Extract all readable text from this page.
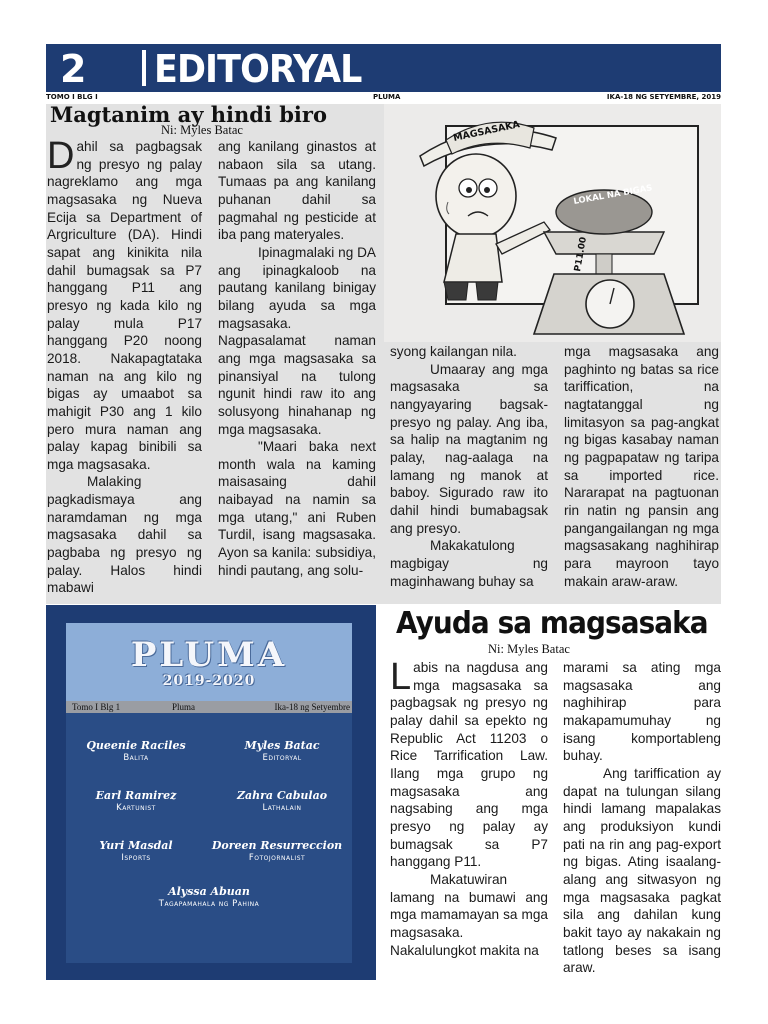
2 EDITORYAL
TOMO I BLG I	PLUMA	IKA-18 NG SETYEMBRE, 2019
Magtanim ay hindi biro
Ni: Myles Batac

Dahil sa pagbagsak ng presyo ng palay nagreklamo ang mga magsasaka ng Nueva Ecija sa Department of Argriculture (DA). Hindi sapat ang kinikita nila dahil bumagsak sa P7 hanggang P11 ang presyo ng kada kilo ng palay mula P17 hanggang P20 noong 2018. Nakapagtataka naman na ang kilo ng bigas ay umaabot sa mahigit P30 ang 1 kilo pero mura naman ang palay kapag binibili sa mga magsasaka.

Malaking pagkadismaya ang naramdaman ng mga magsasaka dahil sa pagbaba ng presyo ng palay. Halos hindi mabawi

ang kanilang ginastos at nabaon sila sa utang. Tumaas pa ang kanilang puhanan dahil sa pagmahal ng pesticide at iba pang materyales.

Ipinagmalaki ng DA ang ipinagkaloob na pautang kanilang binigay bilang ayuda sa mga magsasaka. Nagpasalamat naman ang mga magsasaka sa pinansiyal na tulong ngunit hindi raw ito ang solusyong hinahanap ng mga magsasaka.

"Maari baka next month wala na kaming maisasaing dahil naibayad na namin sa mga utang," ani Ruben Turdil, isang magsasaka. Ayon sa kanila: subsidiya, hindi pautang, ang solu-

syong kailangan nila.

Umaaray ang mga magsasaka sa nangyayaring bagsak-presyo ng palay. Ang iba, sa halip na magtanim ng palay, nag-aalaga na lamang ng manok at baboy. Sigurado raw ito dahil hindi bumabagsak ang presyo.

Makakatulong magbigay ng maginhawang buhay sa

mga magsasaka ang paghinto ng batas sa rice tariffication, na nagtatanggal ng limitasyon sa pag-angkat ng bigas kasabay naman ng pagpapataw ng taripa sa imported rice. Nararapat na pagtuonan rin natin ng pansin ang pangangailangan ng mga magsasakang naghihirap para mayroon tayo makain araw-araw.

MAGSASAKA
LOKAL NA BIGAS
P11.00
PLUMA
2019-2020
Tomo I Blg 1	Pluma	Ika-18 ng Setyembre
Queenie Raciles
Balita
Myles Batac
Editoryal
Earl Ramirez
Kartunist
Zahra Cabulao
Lathalain
Yuri Masdal
Isports
Doreen Resurreccion
Fotojornalist
Alyssa Abuan
Tagapamahala ng Pahina
Ayuda sa magsasaka
Ni: Myles Batac

Labis na nagdusa ang mga magsasaka sa pagbagsak ng presyo ng palay dahil sa epekto ng Republic Act 11203 o Rice Tarrification Law. Ilang mga grupo ng magsasaka ang nagsabing ang mga presyo ng palay ay bumagsak sa P7 hanggang P11.

Makatuwiran lamang na bumawi ang mga mamamayan sa mga magsasaka. Nakalulungkot makita na

marami sa ating mga magsasaka ang naghihirap para makapamumuhay ng isang komportableng buhay.

Ang tariffication ay dapat na tulungan silang hindi lamang mapalakas ang produksiyon kundi pati na rin ang pag-export ng bigas. Ating isaalang-alang ang sitwasyon ng mga magsasaka pagkat sila ang dahilan kung bakit tayo ay nakakain ng tatlong beses sa isang araw.
